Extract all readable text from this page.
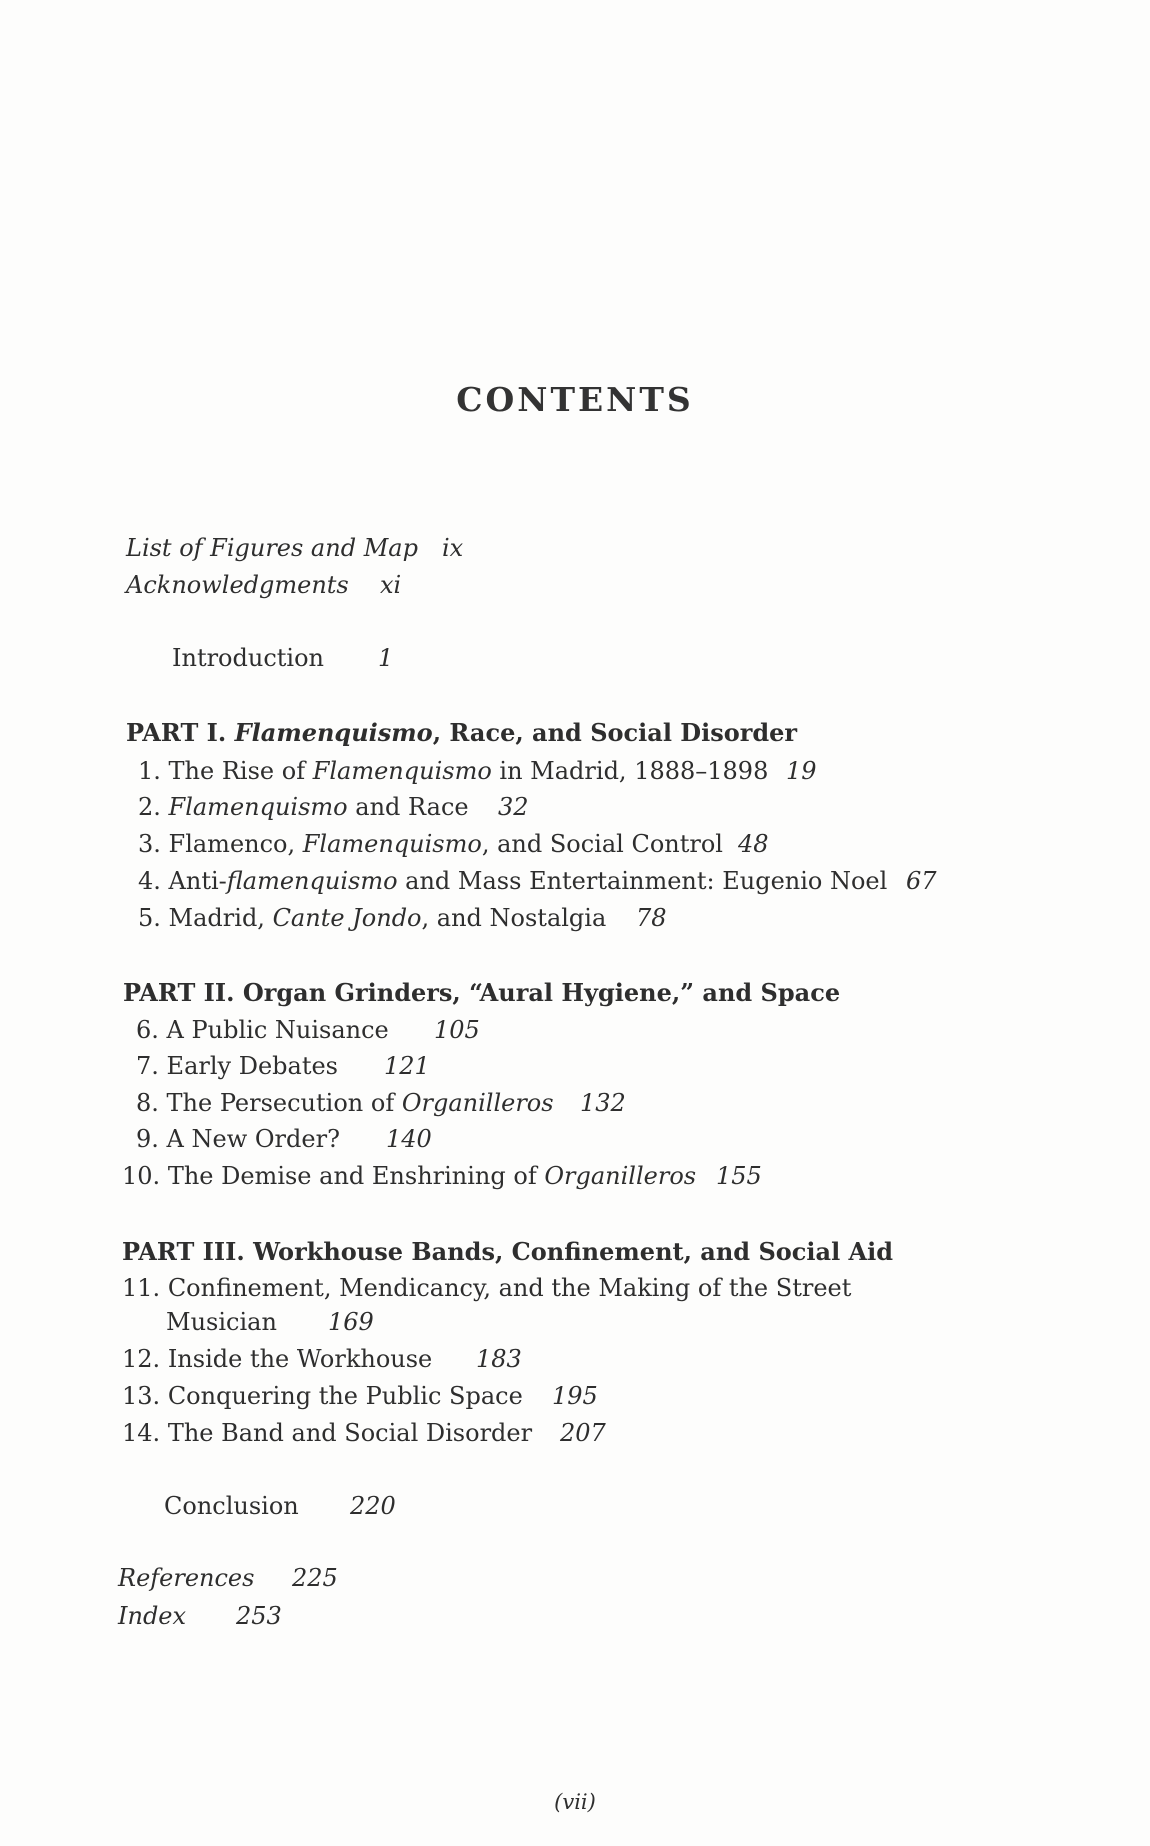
CONTENTS
List of Figures and Map ix
Acknowledgments xi
Introduction 1
PART I. Flamenquismo, Race, and Social Disorder
1. The Rise of Flamenquismo in Madrid, 1888–1898 19
2. Flamenquismo and Race 32
3. Flamenco, Flamenquismo, and Social Control 48
4. Anti-flamenquismo and Mass Entertainment: Eugenio Noel 67
5. Madrid, Cante Jondo, and Nostalgia 78
PART II. Organ Grinders, “Aural Hygiene,” and Space
6. A Public Nuisance 105
7. Early Debates 121
8. The Persecution of Organilleros 132
9. A New Order? 140
10. The Demise and Enshrining of Organilleros 155
PART III. Workhouse Bands, Confinement, and Social Aid
11. Confinement, Mendicancy, and the Making of the Street
Musician 169
12. Inside the Workhouse 183
13. Conquering the Public Space 195
14. The Band and Social Disorder 207
Conclusion 220
References 225
Index 253
(vii)
